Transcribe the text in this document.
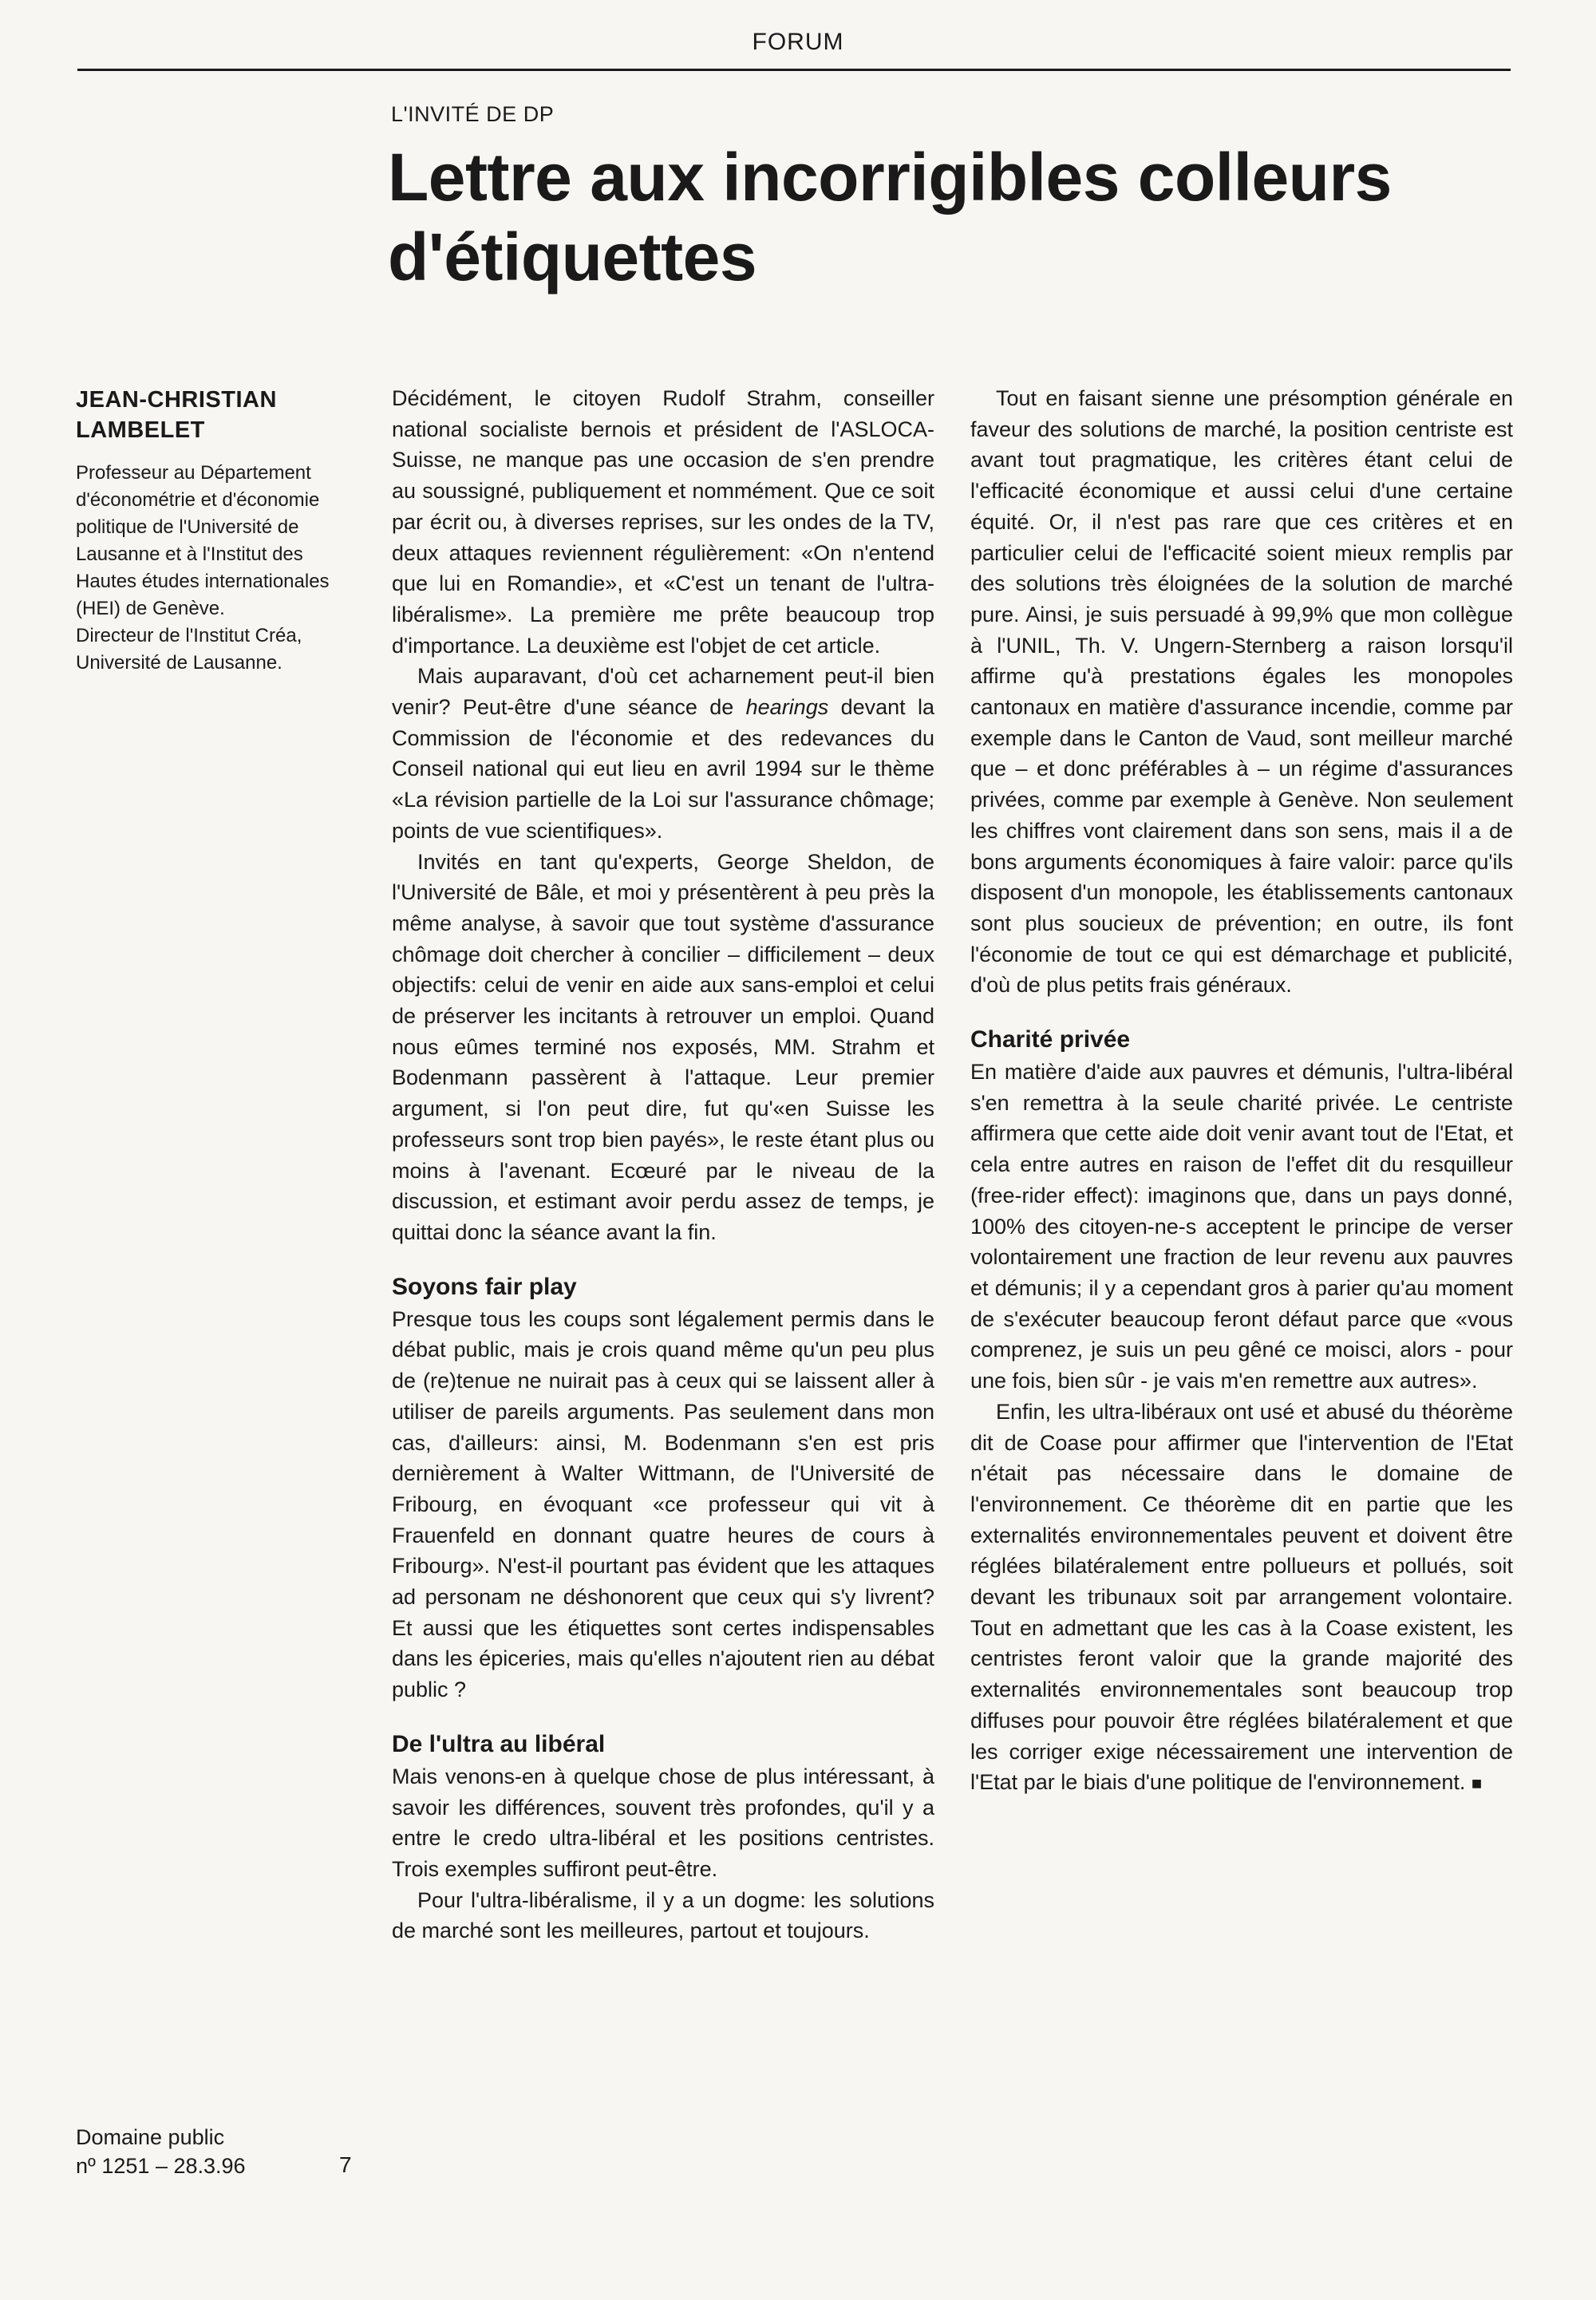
FORUM
L'INVITÉ DE DP
Lettre aux incorrigibles colleurs d'étiquettes

JEAN-CHRISTIAN LAMBELET

Professeur au Département d'économétrie et d'économie politique de l'Université de Lausanne et à l'Institut des Hautes études internationales (HEI) de Genève.

Directeur de l'Institut Créa, Université de Lausanne.

Domaine public
nº 1251 – 28.3.96	7

Décidément, le citoyen Rudolf Strahm, conseiller national socialiste bernois et président de l'ASLOCA-Suisse, ne manque pas une occasion de s'en prendre au soussigné, publiquement et nommément. Que ce soit par écrit ou, à diverses reprises, sur les ondes de la TV, deux attaques reviennent régulièrement: «On n'entend que lui en Romandie», et «C'est un tenant de l'ultra-libéralisme». La première me prête beaucoup trop d'importance. La deuxième est l'objet de cet article.

Mais auparavant, d'où cet acharnement peut-il bien venir? Peut-être d'une séance de hearings devant la Commission de l'économie et des redevances du Conseil national qui eut lieu en avril 1994 sur le thème «La révision partielle de la Loi sur l'assurance chômage; points de vue scientifiques».

Invités en tant qu'experts, George Sheldon, de l'Université de Bâle, et moi y présentèrent à peu près la même analyse, à savoir que tout système d'assurance chômage doit chercher à concilier – difficilement – deux objectifs: celui de venir en aide aux sans-emploi et celui de préserver les incitants à retrouver un emploi. Quand nous eûmes terminé nos exposés, MM. Strahm et Bodenmann passèrent à l'attaque. Leur premier argument, si l'on peut dire, fut qu'«en Suisse les professeurs sont trop bien payés», le reste étant plus ou moins à l'avenant. Ecœuré par le niveau de la discussion, et estimant avoir perdu assez de temps, je quittai donc la séance avant la fin.

Soyons fair play

Presque tous les coups sont légalement permis dans le débat public, mais je crois quand même qu'un peu plus de (re)tenue ne nuirait pas à ceux qui se laissent aller à utiliser de pareils arguments. Pas seulement dans mon cas, d'ailleurs: ainsi, M. Bodenmann s'en est pris dernièrement à Walter Wittmann, de l'Université de Fribourg, en évoquant «ce professeur qui vit à Frauenfeld en donnant quatre heures de cours à Fribourg». N'est-il pourtant pas évident que les attaques ad personam ne déshonorent que ceux qui s'y livrent? Et aussi que les étiquettes sont certes indispensables dans les épiceries, mais qu'elles n'ajoutent rien au débat public ?

De l'ultra au libéral

Mais venons-en à quelque chose de plus intéressant, à savoir les différences, souvent très profondes, qu'il y a entre le credo ultra-libéral et les positions centristes. Trois exemples suffiront peut-être.

Pour l'ultra-libéralisme, il y a un dogme: les solutions de marché sont les meilleures, partout et toujours.

Tout en faisant sienne une présomption générale en faveur des solutions de marché, la position centriste est avant tout pragmatique, les critères étant celui de l'efficacité économique et aussi celui d'une certaine équité. Or, il n'est pas rare que ces critères et en particulier celui de l'efficacité soient mieux remplis par des solutions très éloignées de la solution de marché pure. Ainsi, je suis persuadé à 99,9% que mon collègue à l'UNIL, Th. V. Ungern-Sternberg a raison lorsqu'il affirme qu'à prestations égales les monopoles cantonaux en matière d'assurance incendie, comme par exemple dans le Canton de Vaud, sont meilleur marché que – et donc préférables à – un régime d'assurances privées, comme par exemple à Genève. Non seulement les chiffres vont clairement dans son sens, mais il a de bons arguments économiques à faire valoir: parce qu'ils disposent d'un monopole, les établissements cantonaux sont plus soucieux de prévention; en outre, ils font l'économie de tout ce qui est démarchage et publicité, d'où de plus petits frais généraux.

Charité privée

En matière d'aide aux pauvres et démunis, l'ultra-libéral s'en remettra à la seule charité privée. Le centriste affirmera que cette aide doit venir avant tout de l'Etat, et cela entre autres en raison de l'effet dit du resquilleur (free-rider effect): imaginons que, dans un pays donné, 100% des citoyen-ne-s acceptent le principe de verser volontairement une fraction de leur revenu aux pauvres et démunis; il y a cependant gros à parier qu'au moment de s'exécuter beaucoup feront défaut parce que «vous comprenez, je suis un peu gêné ce moisci, alors - pour une fois, bien sûr - je vais m'en remettre aux autres».

Enfin, les ultra-libéraux ont usé et abusé du théorème dit de Coase pour affirmer que l'intervention de l'Etat n'était pas nécessaire dans le domaine de l'environnement. Ce théorème dit en partie que les externalités environnementales peuvent et doivent être réglées bilatéralement entre pollueurs et pollués, soit devant les tribunaux soit par arrangement volontaire. Tout en admettant que les cas à la Coase existent, les centristes feront valoir que la grande majorité des externalités environnementales sont beaucoup trop diffuses pour pouvoir être réglées bilatéralement et que les corriger exige nécessairement une intervention de l'Etat par le biais d'une politique de l'environnement. ■
